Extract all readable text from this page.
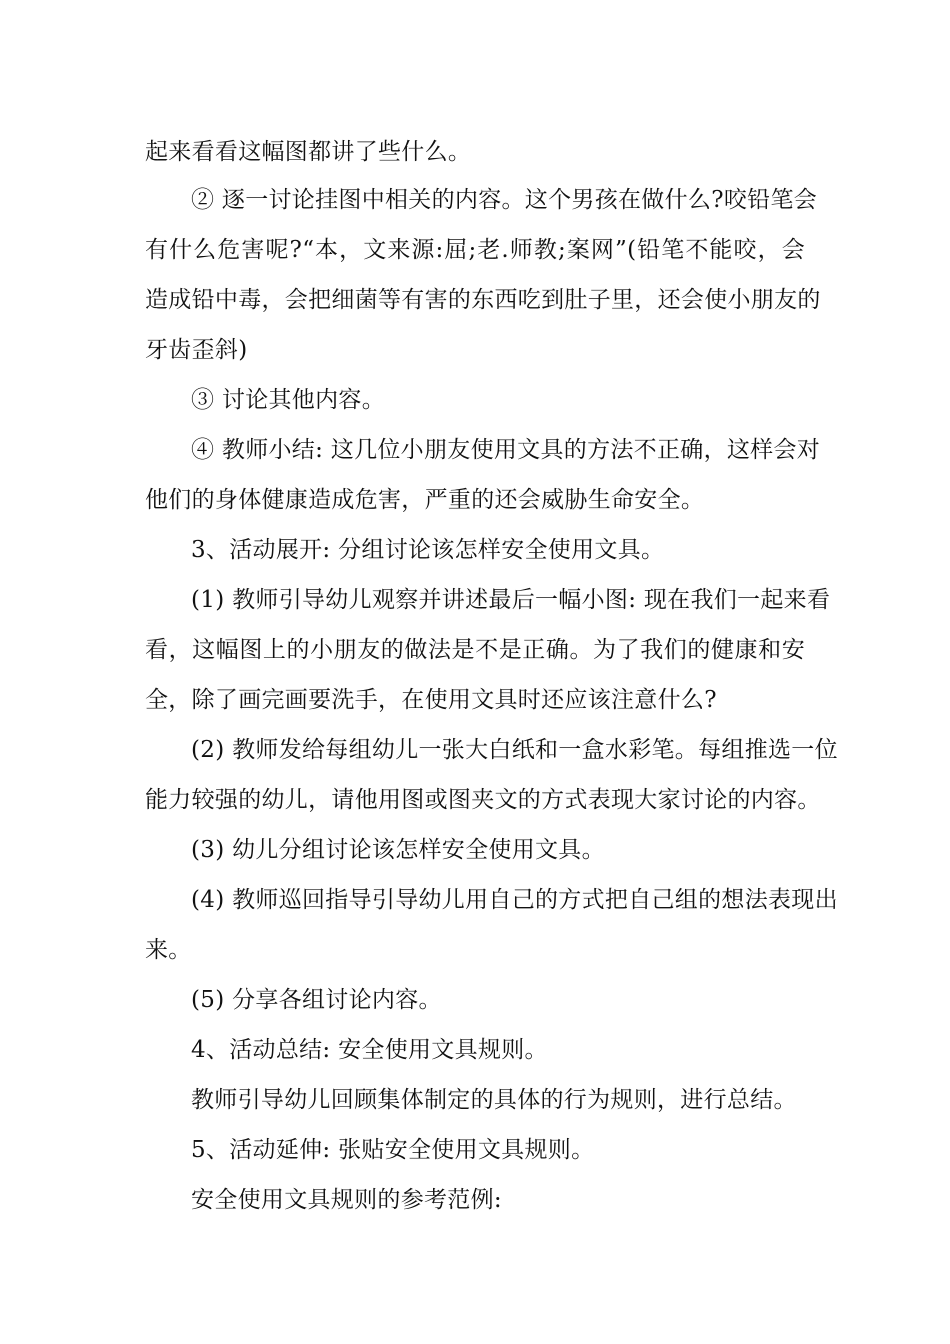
起来看看这幅图都讲了些什么。
② 逐一讨论挂图中相关的内容。这个男孩在做什么?咬铅笔会
有什么危害呢?“本，文来源:屈;老.师教;案网”(铅笔不能咬，会
造成铅中毒，会把细菌等有害的东西吃到肚子里，还会使小朋友的
牙齿歪斜)
③ 讨论其他内容。
④ 教师小结: 这几位小朋友使用文具的方法不正确，这样会对
他们的身体健康造成危害，严重的还会威胁生命安全。
3、活动展开: 分组讨论该怎样安全使用文具。
(1) 教师引导幼儿观察并讲述最后一幅小图: 现在我们一起来看
看，这幅图上的小朋友的做法是不是正确。为了我们的健康和安
全，除了画完画要洗手，在使用文具时还应该注意什么?
(2) 教师发给每组幼儿一张大白纸和一盒水彩笔。每组推选一位
能力较强的幼儿，请他用图或图夹文的方式表现大家讨论的内容。
(3) 幼儿分组讨论该怎样安全使用文具。
(4) 教师巡回指导引导幼儿用自己的方式把自己组的想法表现出
来。
(5) 分享各组讨论内容。
4、活动总结: 安全使用文具规则。
教师引导幼儿回顾集体制定的具体的行为规则，进行总结。
5、活动延伸: 张贴安全使用文具规则。
安全使用文具规则的参考范例:
